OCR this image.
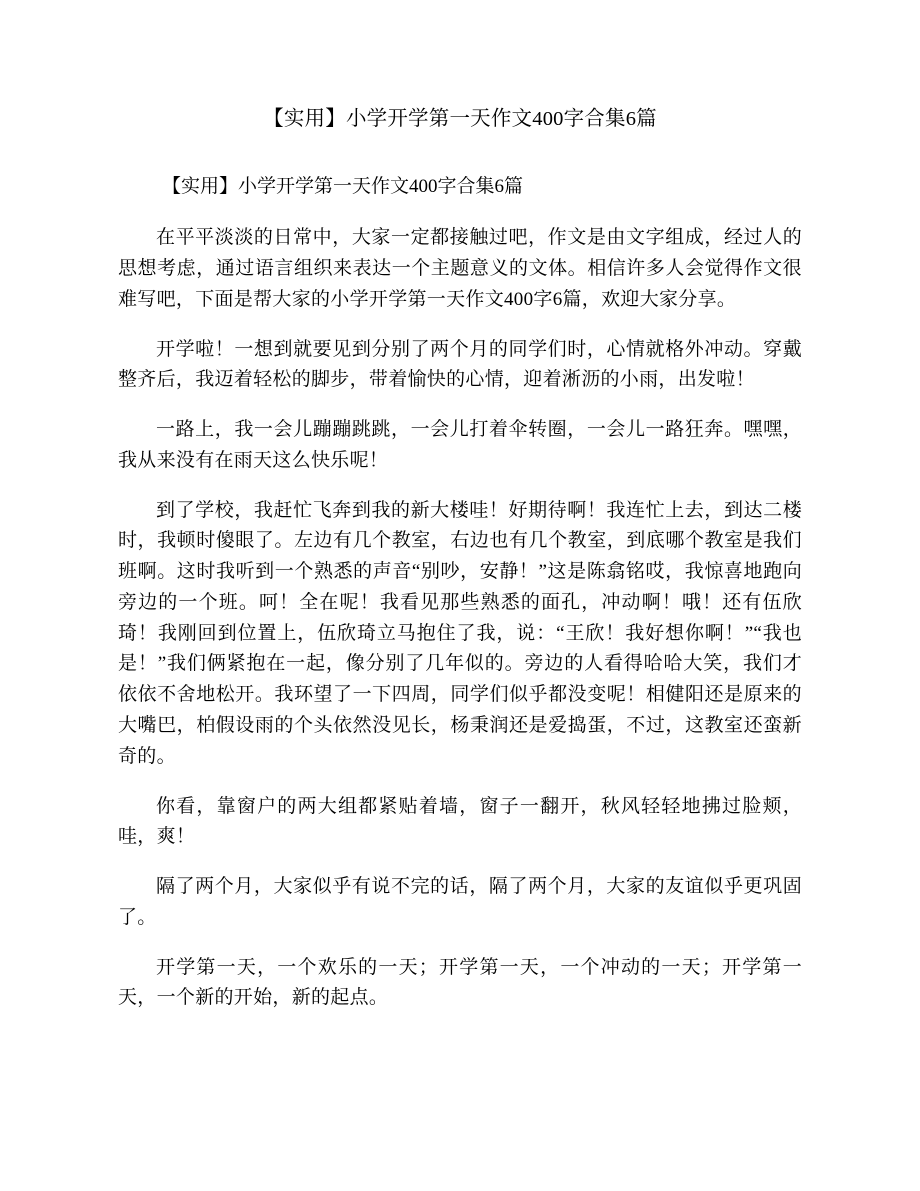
【实用】小学开学第一天作文400字合集6篇
【实用】小学开学第一天作文400字合集6篇

在平平淡淡的日常中，大家一定都接触过吧，作文是由文字组成，经过人的思想考虑，通过语言组织来表达一个主题意义的文体。相信许多人会觉得作文很难写吧，下面是帮大家的小学开学第一天作文400字6篇，欢迎大家分享。

开学啦！一想到就要见到分别了两个月的同学们时，心情就格外冲动。穿戴整齐后，我迈着轻松的脚步，带着愉快的心情，迎着淅沥的小雨，出发啦！

一路上，我一会儿蹦蹦跳跳，一会儿打着伞转圈，一会儿一路狂奔。嘿嘿，我从来没有在雨天这么快乐呢！

到了学校，我赶忙飞奔到我的新大楼哇！好期待啊！我连忙上去，到达二楼时，我顿时傻眼了。左边有几个教室，右边也有几个教室，到底哪个教室是我们班啊。这时我听到一个熟悉的声音“别吵，安静！”这是陈翕铭哎，我惊喜地跑向旁边的一个班。呵！全在呢！我看见那些熟悉的面孔，冲动啊！哦！还有伍欣琦！我刚回到位置上，伍欣琦立马抱住了我，说：“王欣！我好想你啊！”“我也是！”我们俩紧抱在一起，像分别了几年似的。旁边的人看得哈哈大笑，我们才依依不舍地松开。我环望了一下四周，同学们似乎都没变呢！相健阳还是原来的大嘴巴，柏假设雨的个头依然没见长，杨秉润还是爱捣蛋，不过，这教室还蛮新奇的。

你看，靠窗户的两大组都紧贴着墙，窗子一翻开，秋风轻轻地拂过脸颊，哇，爽！

隔了两个月，大家似乎有说不完的话，隔了两个月，大家的友谊似乎更巩固了。

开学第一天，一个欢乐的一天；开学第一天，一个冲动的一天；开学第一天，一个新的开始，新的起点。
